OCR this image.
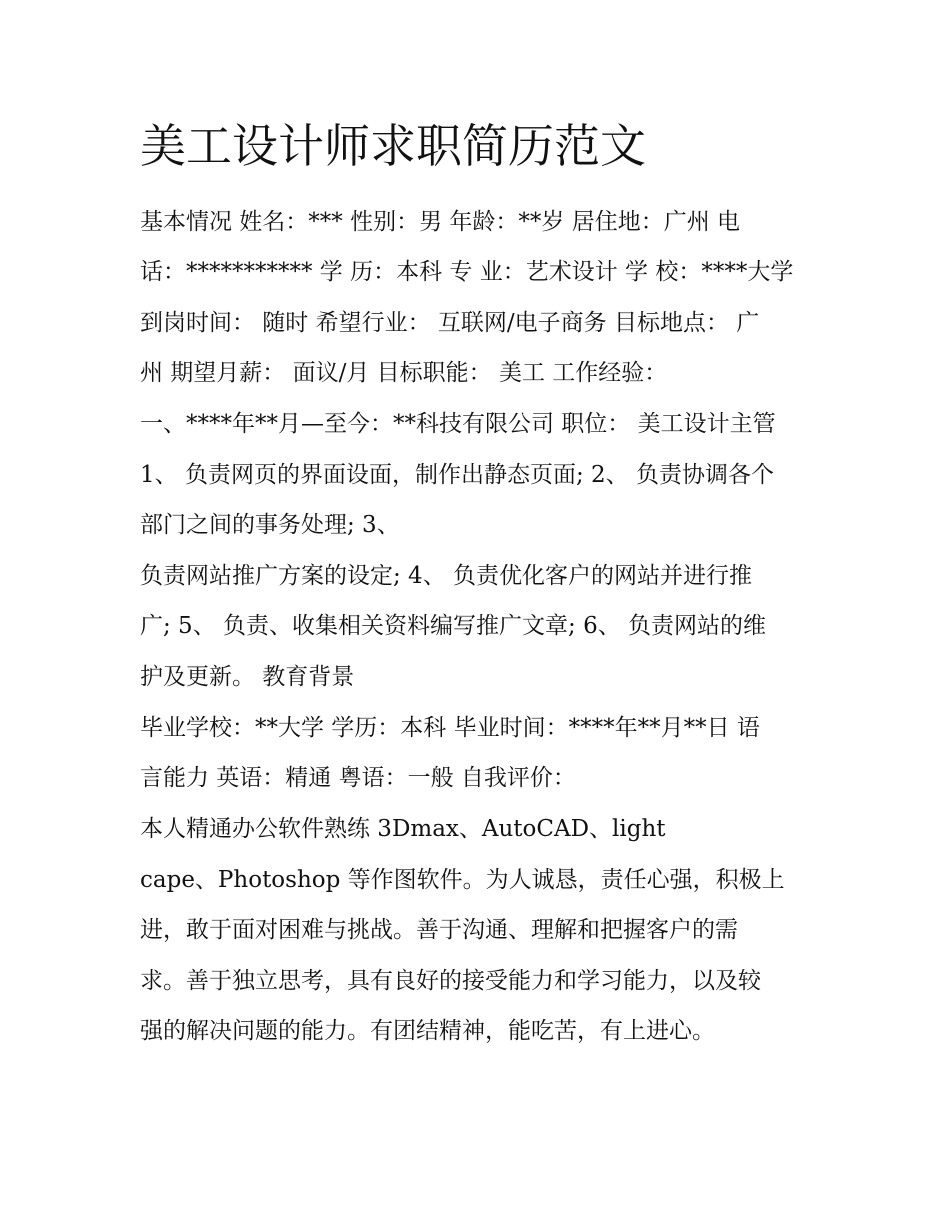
美工设计师求职简历范文

基本情况 姓名：*** 性别：男 年龄：**岁 居住地：广州 电

话：*********** 学 历：本科 专 业：艺术设计 学 校：****大学

到岗时间： 随时 希望行业： 互联网/电子商务 目标地点： 广

州 期望月薪： 面议/月 目标职能： 美工 工作经验：

一、****年**月—至今：**科技有限公司 职位： 美工设计主管

1、 负责网页的界面设面，制作出静态页面; 2、 负责协调各个

部门之间的事务处理; 3、

负责网站推广方案的设定; 4、 负责优化客户的网站并进行推

广; 5、 负责、收集相关资料编写推广文章; 6、 负责网站的维

护及更新。 教育背景

毕业学校：**大学 学历：本科 毕业时间：****年**月**日 语

言能力 英语：精通 粤语：一般 自我评价：

本人精通办公软件熟练 3Dmax、AutoCAD、light

cape、Photoshop 等作图软件。为人诚恳，责任心强，积极上

进，敢于面对困难与挑战。善于沟通、理解和把握客户的需

求。善于独立思考，具有良好的接受能力和学习能力，以及较

强的解决问题的能力。有团结精神，能吃苦，有上进心。
